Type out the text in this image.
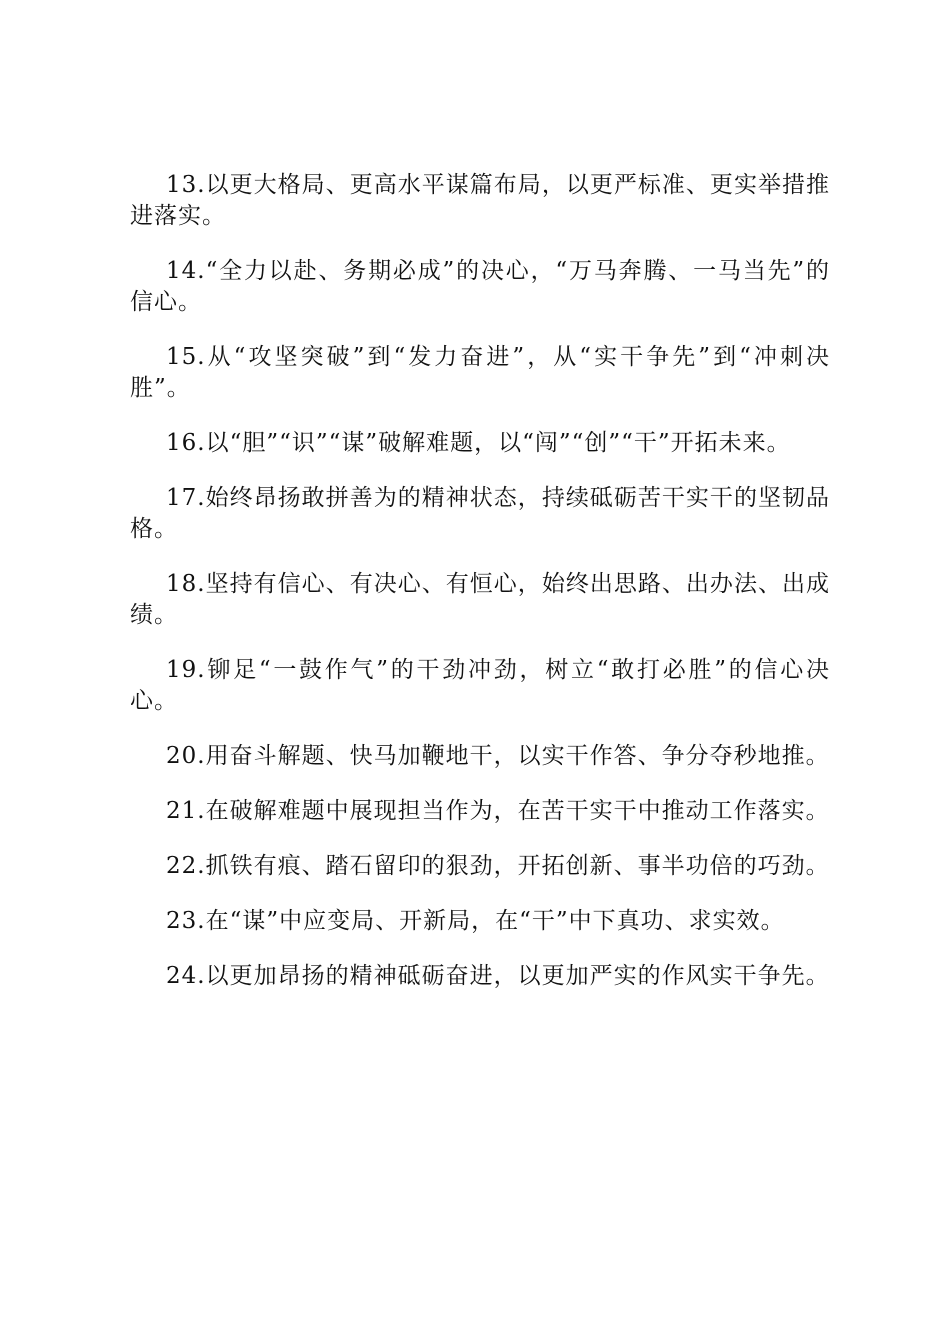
13.以更大格局、更高水平谋篇布局，以更严标准、更实举措推进落实。

14.“全力以赴、务期必成”的决心，“万马奔腾、一马当先”的信心。

15.从“攻坚突破”到“发力奋进”，从“实干争先”到“冲刺决胜”。

16.以“胆”“识”“谋”破解难题，以“闯”“创”“干”开拓未来。

17.始终昂扬敢拼善为的精神状态，持续砥砺苦干实干的坚韧品格。

18.坚持有信心、有决心、有恒心，始终出思路、出办法、出成绩。

19.铆足“一鼓作气”的干劲冲劲，树立“敢打必胜”的信心决心。

20.用奋斗解题、快马加鞭地干，以实干作答、争分夺秒地推。

21.在破解难题中展现担当作为，在苦干实干中推动工作落实。

22.抓铁有痕、踏石留印的狠劲，开拓创新、事半功倍的巧劲。

23.在“谋”中应变局、开新局，在“干”中下真功、求实效。

24.以更加昂扬的精神砥砺奋进，以更加严实的作风实干争先。
